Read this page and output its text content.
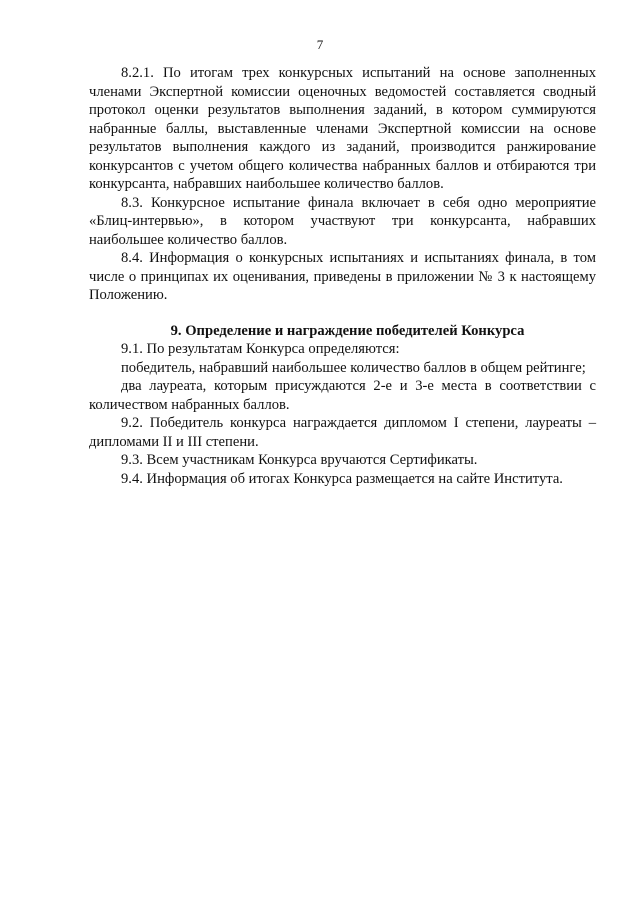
7

8.2.1. По итогам трех конкурсных испытаний на основе заполненных членами Экспертной комиссии оценочных ведомостей составляется сводный протокол оценки результатов выполнения заданий, в котором суммируются набранные баллы, выставленные членами Экспертной комиссии на основе результатов выполнения каждого из заданий, производится ранжирование конкурсантов с учетом общего количества набранных баллов и отбираются три конкурсанта, набравших наибольшее количество баллов.

8.3. Конкурсное испытание финала включает в себя одно мероприятие «Блиц-интервью», в котором участвуют три конкурсанта, набравших наибольшее количество баллов.

8.4. Информация о конкурсных испытаниях и испытаниях финала, в том числе о принципах их оценивания, приведены в приложении № 3 к настоящему Положению.

9. Определение и награждение победителей Конкурса

9.1. По результатам Конкурса определяются:

победитель, набравший наибольшее количество баллов в общем рейтинге;

два лауреата, которым присуждаются 2-е и 3-е места в соответствии с количеством набранных баллов.

9.2. Победитель конкурса награждается дипломом I степени, лауреаты – дипломами II и III степени.

9.3. Всем участникам Конкурса вручаются Сертификаты.

9.4. Информация об итогах Конкурса размещается на сайте Института.
